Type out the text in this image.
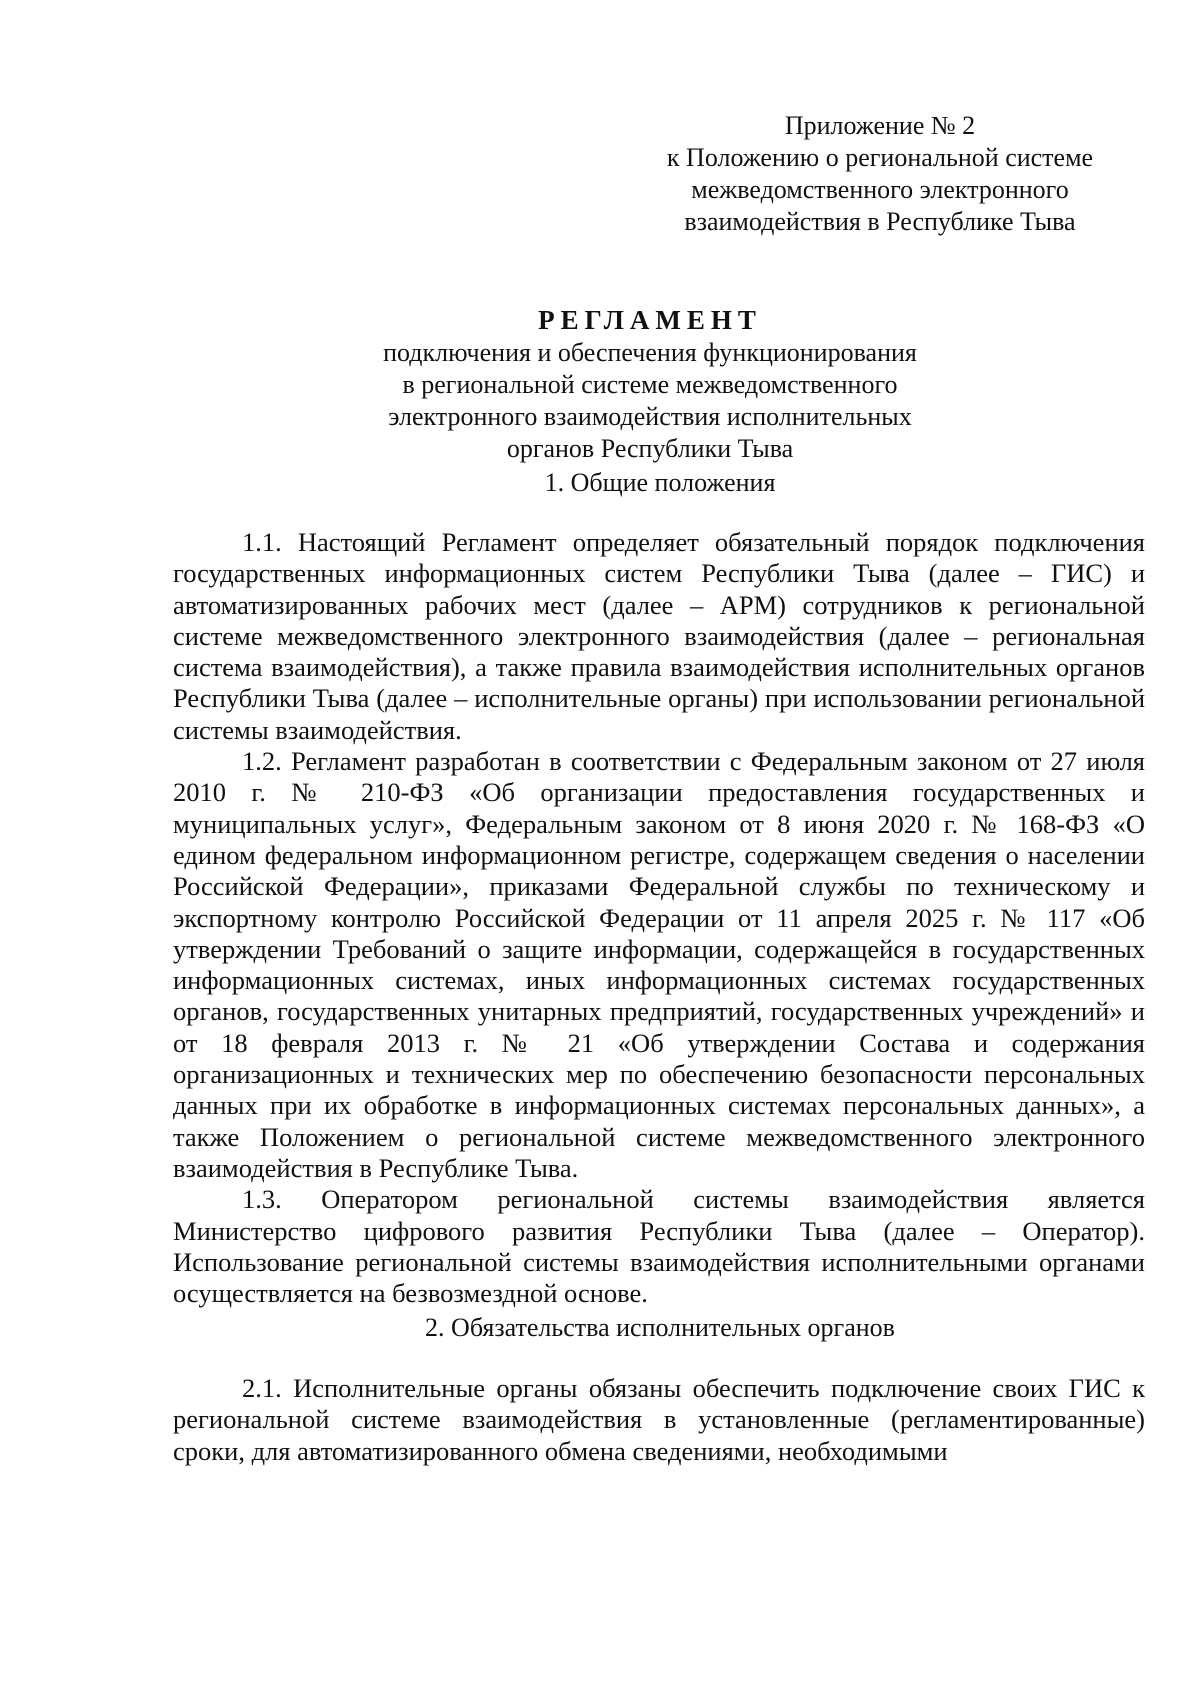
Приложение № 2
к Положению о региональной системе
межведомственного электронного
взаимодействия в Республике Тыва
РЕГЛАМЕНТ
подключения и обеспечения функционирования
в региональной системе межведомственного
электронного взаимодействия исполнительных
органов Республики Тыва
1. Общие положения

1.1. Настоящий Регламент определяет обязательный порядок подключения государственных информационных систем Республики Тыва (далее – ГИС) и автоматизированных рабочих мест (далее – АРМ) сотрудников к региональной системе межведомственного электронного взаимодействия (далее – региональная система взаимодействия), а также правила взаимодействия исполнительных органов Республики Тыва (далее – исполнительные органы) при использовании региональной системы взаимодействия.

1.2. Регламент разработан в соответствии с Федеральным законом от 27 июля 2010 г. № 210-ФЗ «Об организации предоставления государственных и муниципальных услуг», Федеральным законом от 8 июня 2020 г. № 168-ФЗ «О едином федеральном информационном регистре, содержащем сведения о населении Российской Федерации», приказами Федеральной службы по техническому и экспортному контролю Российской Федерации от 11 апреля 2025 г. № 117 «Об утверждении Требований о защите информации, содержащейся в государственных информационных системах, иных информационных системах государственных органов, государственных унитарных предприятий, государственных учреждений» и от 18 февраля 2013 г. № 21 «Об утверждении Состава и содержания организационных и технических мер по обеспечению безопасности персональных данных при их обработке в информационных системах персональных данных», а также Положением о региональной системе межведомственного электронного взаимодействия в Республике Тыва.

1.3. Оператором региональной системы взаимодействия является Министерство цифрового развития Республики Тыва (далее – Оператор). Использование региональной системы взаимодействия исполнительными органами осуществляется на безвозмездной основе.

2. Обязательства исполнительных органов

2.1. Исполнительные органы обязаны обеспечить подключение своих ГИС к региональной системе взаимодействия в установленные (регламентированные) сроки, для автоматизированного обмена сведениями, необходимыми
